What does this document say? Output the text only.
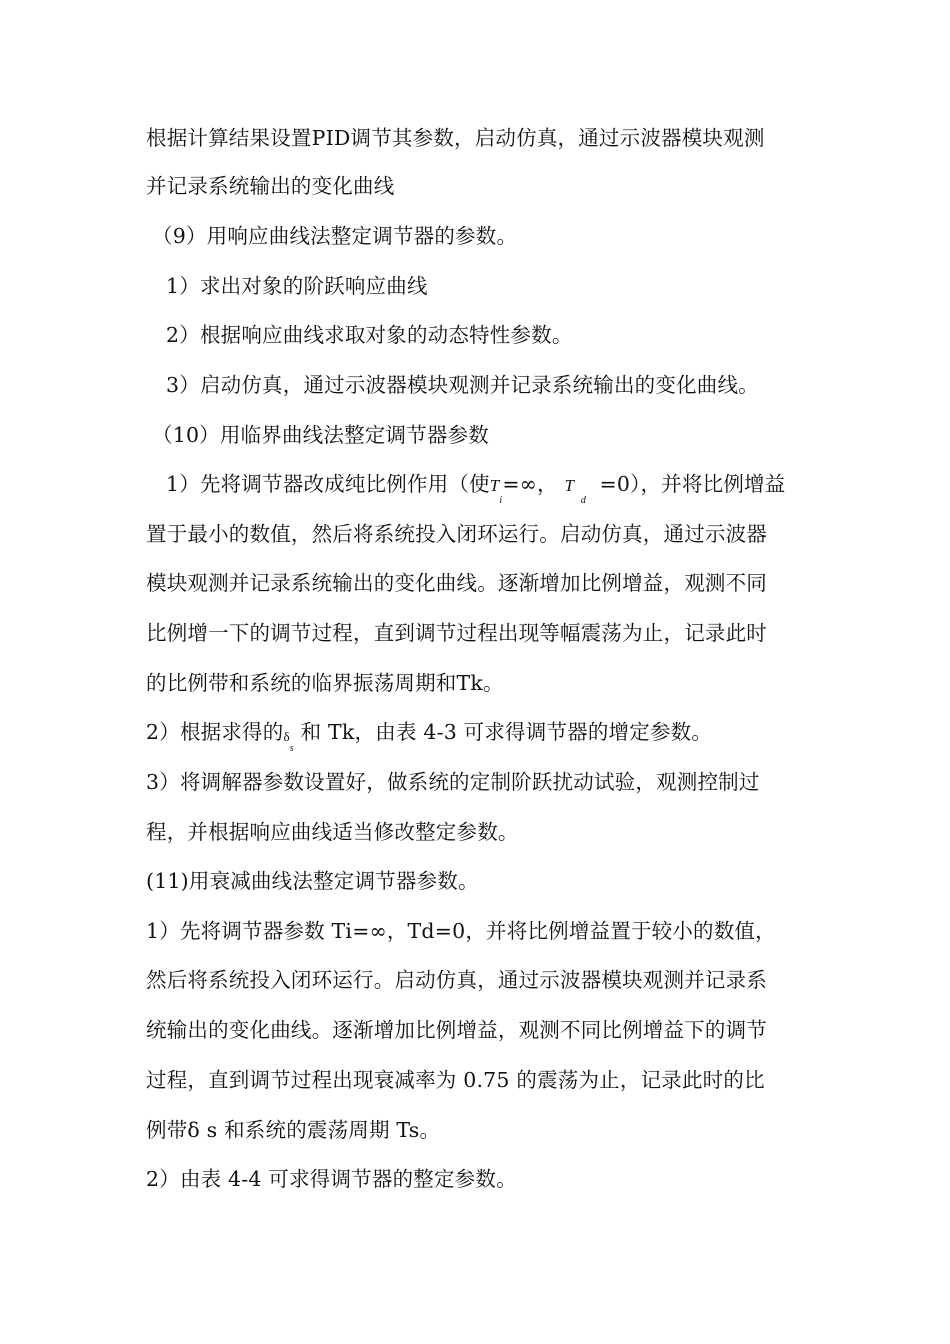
根据计算结果设置PID调节其参数，启动仿真，通过示波器模块观测
并记录系统输出的变化曲线
（9）用响应曲线法整定调节器的参数。
1）求出对象的阶跃响应曲线
2）根据响应曲线求取对象的动态特性参数。
3）启动仿真，通过示波器模块观测并记录系统输出的变化曲线。
（10）用临界曲线法整定调节器参数
1）先将调节器改成纯比例作用（使$T_i=\infty$， T $_d$  =0），并将比例增益
置于最小的数值，然后将系统投入闭环运行。启动仿真，通过示波器
模块观测并记录系统输出的变化曲线。逐渐增加比例增益，观测不同
比例增一下的调节过程，直到调节过程出现等幅震荡为止，记录此时
的比例带和系统的临界振荡周期和Tk。
2）根据求得的$\delta_s$ 和 Tk，由表 4-3 可求得调节器的增定参数。
3）将调解器参数设置好，做系统的定制阶跃扰动试验，观测控制过
程，并根据响应曲线适当修改整定参数。
(11)用衰减曲线法整定调节器参数。
1）先将调节器参数 Ti=∞，Td=0，并将比例增益置于较小的数值，
然后将系统投入闭环运行。启动仿真，通过示波器模块观测并记录系
统输出的变化曲线。逐渐增加比例增益，观测不同比例增益下的调节
过程，直到调节过程出现衰减率为 0.75 的震荡为止，记录此时的比
例带δ s 和系统的震荡周期 Ts。
2）由表 4-4 可求得调节器的整定参数。
